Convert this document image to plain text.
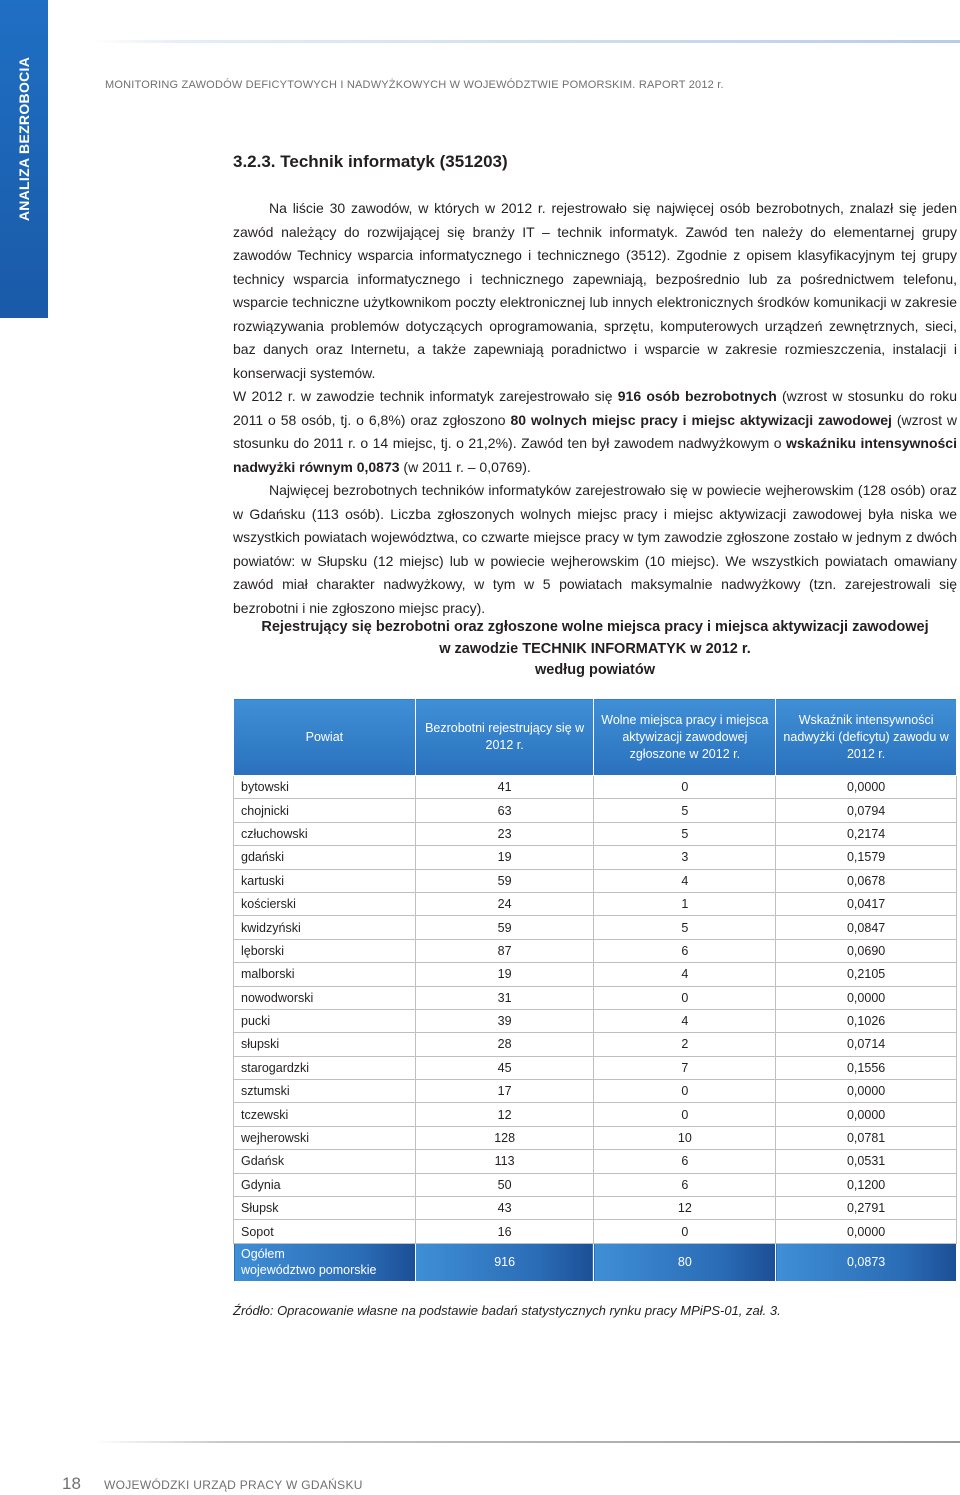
ANALIZA BEZROBOCIA	MONITORING ZAWODÓW DEFICYTOWYCH I NADWYŻKOWYCH W WOJEWÓDZTWIE POMORSKIM. RAPORT 2012 r.
3.2.3. Technik informatyk (351203)

Na liście 30 zawodów, w których w 2012 r. rejestrowało się najwięcej osób bezrobotnych, znalazł się jeden zawód należący do rozwijającej się branży IT – technik informatyk. Zawód ten należy do elementarnej grupy zawodów Technicy wsparcia informatycznego i technicznego (3512). Zgodnie z opisem klasyfikacyjnym tej grupy technicy wsparcia informatycznego i technicznego zapewniają, bezpośrednio lub za pośrednictwem telefonu, wsparcie techniczne użytkownikom poczty elektronicznej lub innych elektronicznych środków komunikacji w zakresie rozwiązywania problemów dotyczących oprogramowania, sprzętu, komputerowych urządzeń zewnętrznych, sieci, baz danych oraz Internetu, a także zapewniają poradnictwo i wsparcie w zakresie rozmieszczenia, instalacji i konserwacji systemów.

W 2012 r. w zawodzie technik informatyk zarejestrowało się 916 osób bezrobotnych (wzrost w stosunku do roku 2011 o 58 osób, tj. o 6,8%) oraz zgłoszono 80 wolnych miejsc pracy i miejsc aktywizacji zawodowej (wzrost w stosunku do 2011 r. o 14 miejsc, tj. o 21,2%). Zawód ten był zawodem nadwyżkowym o wskaźniku intensywności nadwyżki równym 0,0873 (w 2011 r. – 0,0769).

Najwięcej bezrobotnych techników informatyków zarejestrowało się w powiecie wejherowskim (128 osób) oraz w Gdańsku (113 osób). Liczba zgłoszonych wolnych miejsc pracy i miejsc aktywizacji zawodowej była niska we wszystkich powiatach województwa, co czwarte miejsce pracy w tym zawodzie zgłoszone zostało w jednym z dwóch powiatów: w Słupsku (12 miejsc) lub w powiecie wejherowskim (10 miejsc). We wszystkich powiatach omawiany zawód miał charakter nadwyżkowy, w tym w 5 powiatach maksymalnie nadwyżkowy (tzn. zarejestrowali się bezrobotni i nie zgłoszono miejsc pracy).

Rejestrujący się bezrobotni oraz zgłoszone wolne miejsca pracy i miejsca aktywizacji zawodowej
w zawodzie TECHNIK INFORMATYK w 2012 r.
według powiatów
Powiat	Bezrobotni rejestrujący się w 2012 r.	Wolne miejsca pracy i miejsca aktywizacji zawodowej zgłoszone w 2012 r.	Wskaźnik intensywności nadwyżki (deficytu) zawodu w 2012 r.
bytowski	41	0	0,0000
chojnicki	63	5	0,0794
człuchowski	23	5	0,2174
gdański	19	3	0,1579
kartuski	59	4	0,0678
kościerski	24	1	0,0417
kwidzyński	59	5	0,0847
lęborski	87	6	0,0690
malborski	19	4	0,2105
nowodworski	31	0	0,0000
pucki	39	4	0,1026
słupski	28	2	0,0714
starogardzki	45	7	0,1556
sztumski	17	0	0,0000
tczewski	12	0	0,0000
wejherowski	128	10	0,0781
Gdańsk	113	6	0,0531
Gdynia	50	6	0,1200
Słupsk	43	12	0,2791
Sopot	16	0	0,0000
Ogółem
województwo pomorskie	916	80	0,0873
Źródło: Opracowanie własne na podstawie badań statystycznych rynku pracy MPiPS-01, zał. 3.
18 WOJEWÓDZKI URZĄD PRACY W GDAŃSKU
